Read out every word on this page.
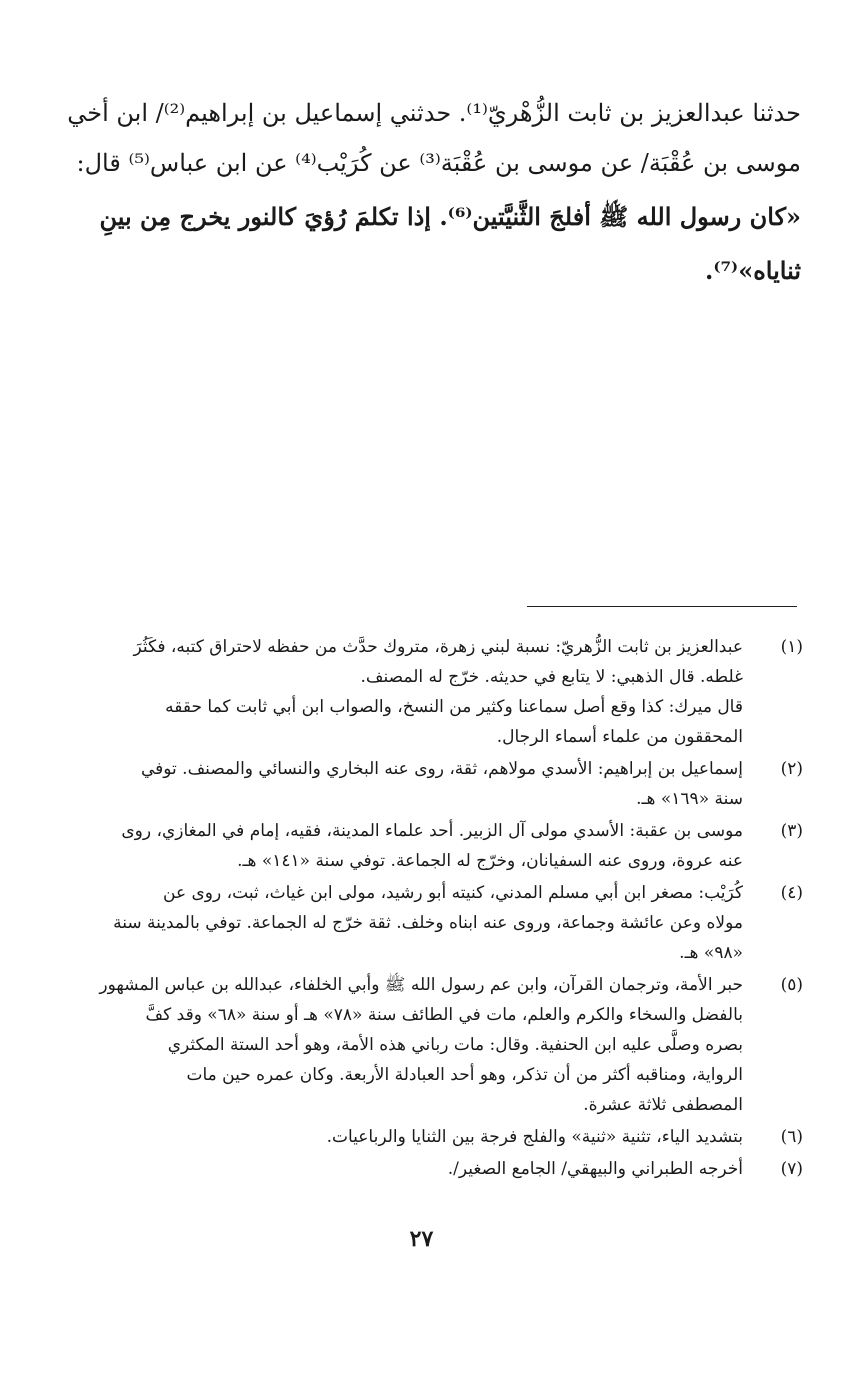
حدثنا عبدالعزيز بن ثابت الزُّهْريّ⁽¹⁾. حدثني إسماعيل بن إبراهيم⁽²⁾/ ابن أخي

موسى بن عُقْبَة/ عن موسى بن عُقْبَة⁽³⁾ عن كُرَيْب⁽⁴⁾ عن ابن عباس⁽⁵⁾ قال:

«كان رسول الله ﷺ أفلجَ الثَّنيَّتين⁽⁶⁾. إذا تكلمَ رُؤيَ كالنور يخرج مِن بينِ

ثناياه»⁽⁷⁾.

(١)
عبدالعزيز بن ثابت الزُّهريّ: نسبة لبني زهرة، متروك حدَّث من حفظه لاحتراق كتبه، فكَثُرَ
غلطه. قال الذهبي: لا يتابع في حديثه. خرّج له المصنف.
قال ميرك: كذا وقع أصل سماعنا وكثير من النسخ، والصواب ابن أبي ثابت كما حققه
المحققون من علماء أسماء الرجال.
(٢)
إسماعيل بن إبراهيم: الأسدي مولاهم، ثقة، روى عنه البخاري والنسائي والمصنف. توفي
سنة «١٦٩» هـ.
(٣)
موسى بن عقبة: الأسدي مولى آل الزبير. أحد علماء المدينة، فقيه، إمام في المغازي، روى
عنه عروة، وروى عنه السفيانان، وخرّج له الجماعة. توفي سنة «١٤١» هـ.
(٤)
كُرَيْب: مصغر ابن أبي مسلم المدني، كنيته أبو رشيد، مولى ابن غياث، ثبت، روى عن
مولاه وعن عائشة وجماعة، وروى عنه ابناه وخلف. ثقة خرّج له الجماعة. توفي بالمدينة سنة
«٩٨» هـ.
(٥)
حبر الأمة، وترجمان القرآن، وابن عم رسول الله ﷺ وأبي الخلفاء، عبدالله بن عباس المشهور
بالفضل والسخاء والكرم والعلم، مات في الطائف سنة «٧٨» هـ أو سنة «٦٨» وقد كفَّ
بصره وصلَّى عليه ابن الحنفية. وقال: مات رباني هذه الأمة، وهو أحد الستة المكثري
الرواية، ومناقبه أكثر من أن تذكر، وهو أحد العبادلة الأربعة. وكان عمره حين مات
المصطفى ثلاثة عشرة.
(٦)
بتشديد الياء، تثنية «ثنية» والفلج فرجة بين الثنايا والرباعيات.
(٧)
أخرجه الطبراني والبيهقي/ الجامع الصغير/.
٢٧
